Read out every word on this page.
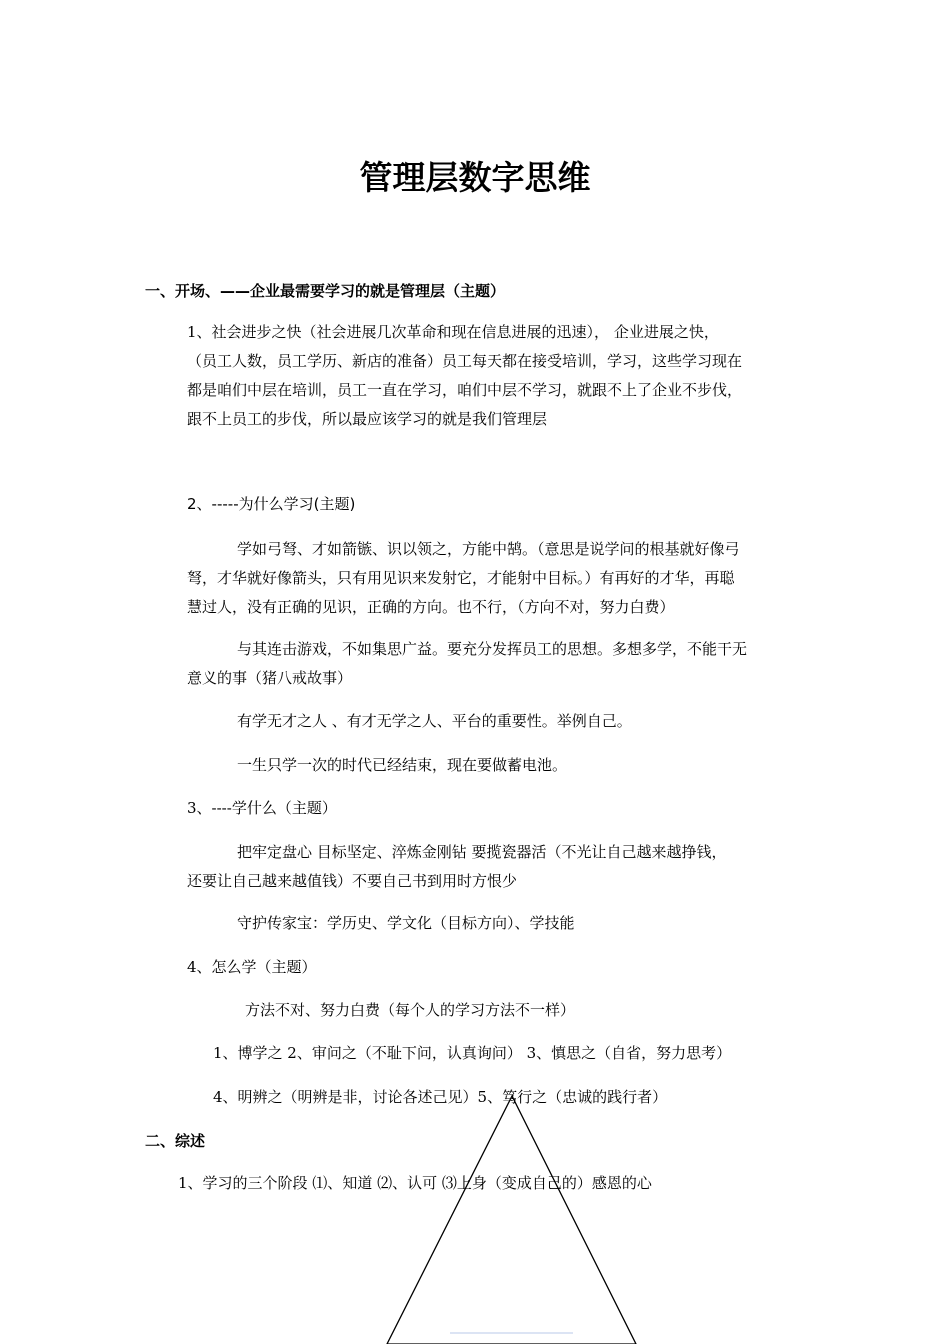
管理层数字思维
一、开场、——企业最需要学习的就是管理层（主题）
1、社会进步之快（社会进展几次革命和现在信息进展的迅速）， 企业进展之快，
（员工人数，员工学历、新店的准备）员工每天都在接受培训，学习，这些学习现在
都是咱们中层在培训，员工一直在学习，咱们中层不学习，就跟不上了企业不步伐，
跟不上员工的步伐，所以最应该学习的就是我们管理层
2、-----为什么学习(主题)
学如弓弩、才如箭镞、识以领之，方能中鹄。（意思是说学问的根基就好像弓
弩，才华就好像箭头，只有用见识来发射它，才能射中目标。）有再好的才华，再聪
慧过人，没有正确的见识，正确的方向。也不行，（方向不对，努力白费）
与其连击游戏，不如集思广益。要充分发挥员工的思想。多想多学，不能干无
意义的事（猪八戒故事）
有学无才之人 、有才无学之人、平台的重要性。举例自己。
一生只学一次的时代已经结束，现在要做蓄电池。
3、----学什么（主题）
把牢定盘心 目标坚定、淬炼金刚钻 要揽瓷器活（不光让自己越来越挣钱，
还要让自己越来越值钱）不要自己书到用时方恨少
守护传家宝：学历史、学文化（目标方向）、学技能
4、怎么学（主题）
方法不对、努力白费（每个人的学习方法不一样）
1、博学之 2、审问之（不耻下问，认真询问） 3、慎思之（自省，努力思考）
4、明辨之（明辨是非，讨论各述己见）5、笃行之（忠诚的践行者）
二、综述
1、学习的三个阶段 ⑴、知道 ⑵、认可 ⑶上身（变成自己的）感恩的心
